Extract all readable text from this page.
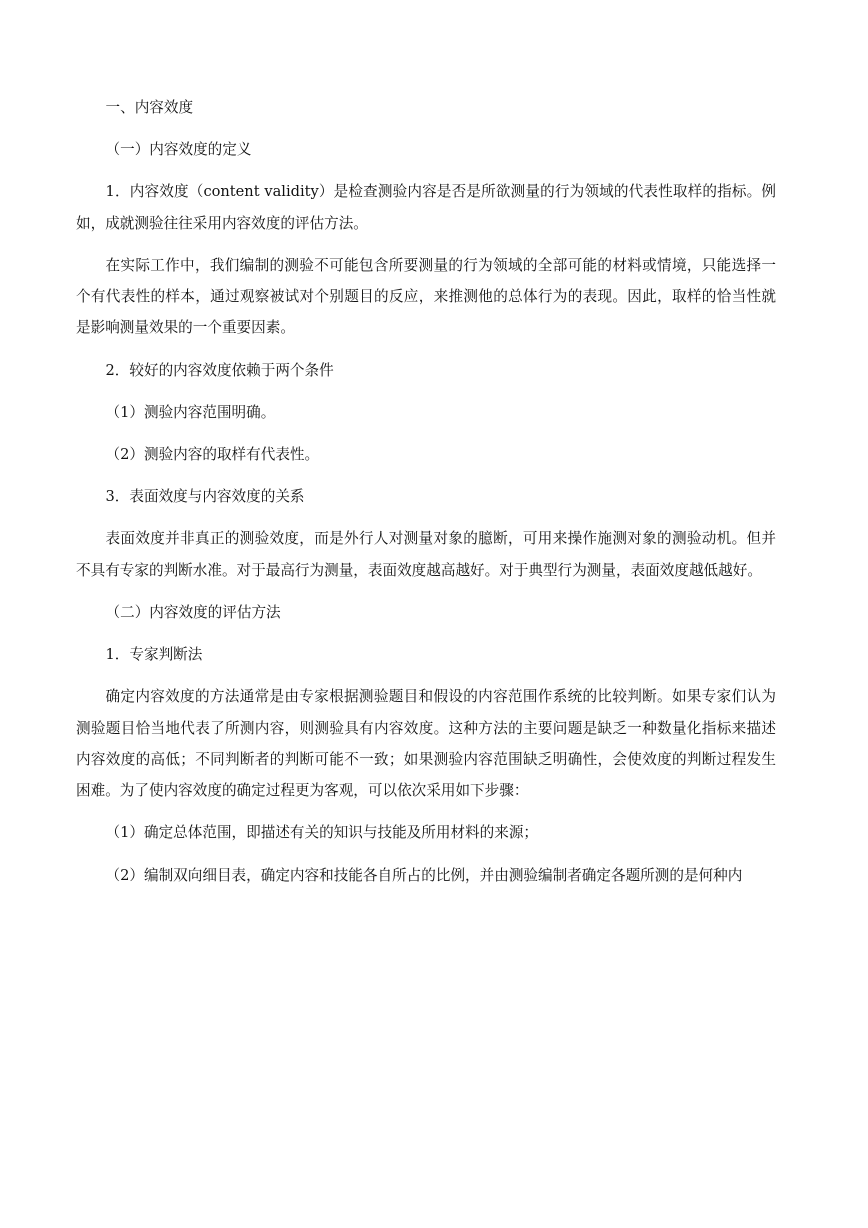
一、内容效度

（一）内容效度的定义

1．内容效度（content validity）是检查测验内容是否是所欲测量的行为领域的代表性取样的指标。例如，成就测验往往采用内容效度的评估方法。

在实际工作中，我们编制的测验不可能包含所要测量的行为领域的全部可能的材料或情境，只能选择一个有代表性的样本，通过观察被试对个别题目的反应，来推测他的总体行为的表现。因此，取样的恰当性就是影响测量效果的一个重要因素。

2．较好的内容效度依赖于两个条件

（1）测验内容范围明确。

（2）测验内容的取样有代表性。

3．表面效度与内容效度的关系

表面效度并非真正的测验效度，而是外行人对测量对象的臆断，可用来操作施测对象的测验动机。但并不具有专家的判断水准。对于最高行为测量，表面效度越高越好。对于典型行为测量，表面效度越低越好。

（二）内容效度的评估方法

1．专家判断法

确定内容效度的方法通常是由专家根据测验题目和假设的内容范围作系统的比较判断。如果专家们认为测验题目恰当地代表了所测内容，则测验具有内容效度。这种方法的主要问题是缺乏一种数量化指标来描述内容效度的高低；不同判断者的判断可能不一致；如果测验内容范围缺乏明确性，会使效度的判断过程发生困难。为了使内容效度的确定过程更为客观，可以依次采用如下步骤：

（1）确定总体范围，即描述有关的知识与技能及所用材料的来源；

（2）编制双向细目表，确定内容和技能各自所占的比例，并由测验编制者确定各题所测的是何种内
